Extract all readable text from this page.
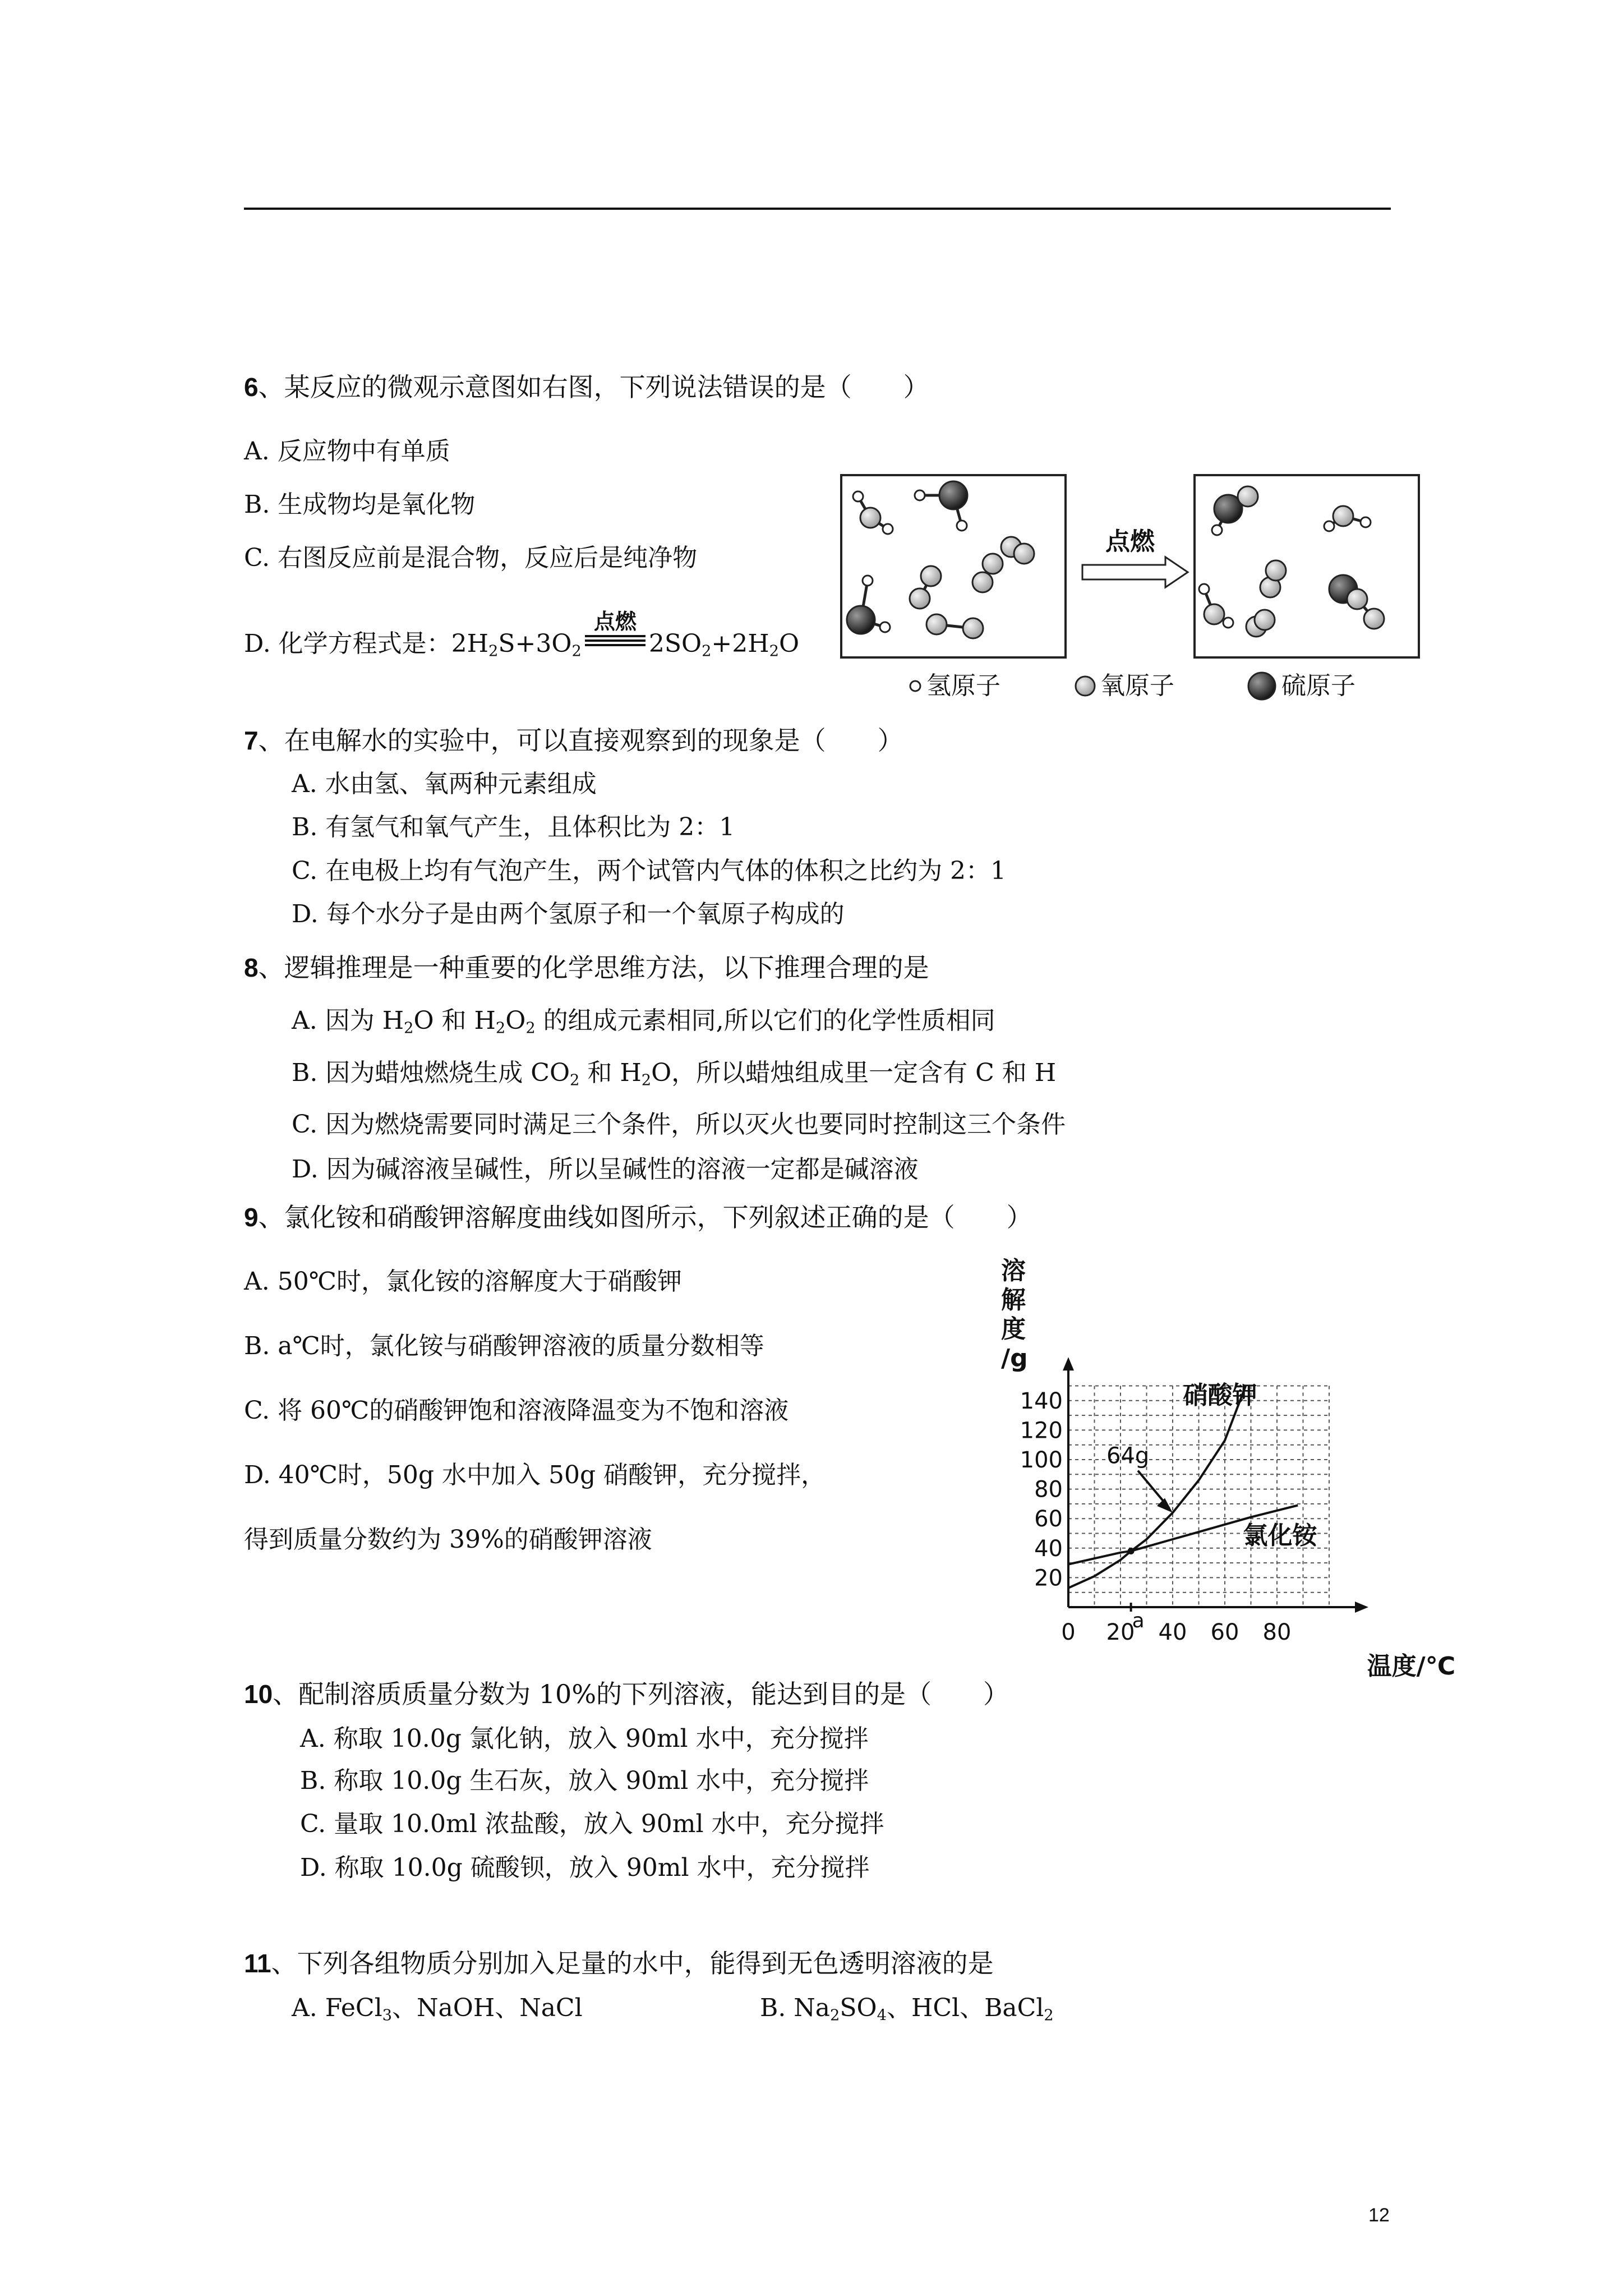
6、某反应的微观示意图如右图，下列说法错误的是（　　）
A. 反应物中有单质
B. 生成物均是氧化物
C. 右图反应前是混合物，反应后是纯净物
D. 化学方程式是：$2H_2S+3O_2$
点燃
$2SO_2+2H_2O$
点燃
氢原子	氧原子	硫原子
7、在电解水的实验中，可以直接观察到的现象是（　　）
A. 水由氢、氧两种元素组成
B. 有氢气和氧气产生，且体积比为 2：1
C. 在电极上均有气泡产生，两个试管内气体的体积之比约为 2：1
D. 每个水分子是由两个氢原子和一个氧原子构成的
8、逻辑推理是一种重要的化学思维方法，以下推理合理的是
A. 因为 $H_2O$ 和 $H_2O_2$ 的组成元素相同,所以它们的化学性质相同
B. 因为蜡烛燃烧生成 $CO_2$ 和 $H_2O$，所以蜡烛组成里一定含有 C 和 H
C. 因为燃烧需要同时满足三个条件，所以灭火也要同时控制这三个条件
D. 因为碱溶液呈碱性，所以呈碱性的溶液一定都是碱溶液
9、氯化铵和硝酸钾溶解度曲线如图所示，下列叙述正确的是（　　）
A. 50℃时，氯化铵的溶解度大于硝酸钾
B. a℃时，氯化铵与硝酸钾溶液的质量分数相等
C. 将 60℃的硝酸钾饱和溶液降温变为不饱和溶液
D. 40℃时，50g 水中加入 50g 硝酸钾，充分搅拌，
得到质量分数约为 39%的硝酸钾溶液
20
40
60
80
100
120
140
0 20 40 60 80
硝酸钾
氯化铵
溶
解
度
/g
温度/℃
64g
a
10、配制溶质质量分数为 10%的下列溶液，能达到目的是（　　）
A. 称取 10.0g 氯化钠，放入 90ml 水中，充分搅拌
B. 称取 10.0g 生石灰，放入 90ml 水中，充分搅拌
C. 量取 10.0ml 浓盐酸，放入 90ml 水中，充分搅拌
D. 称取 10.0g 硫酸钡，放入 90ml 水中，充分搅拌
11、下列各组物质分别加入足量的水中，能得到无色透明溶液的是
A. FeCl$_3$、NaOH、NaCl	B. $Na_2SO_4$、HCl、BaCl$_2$
12
